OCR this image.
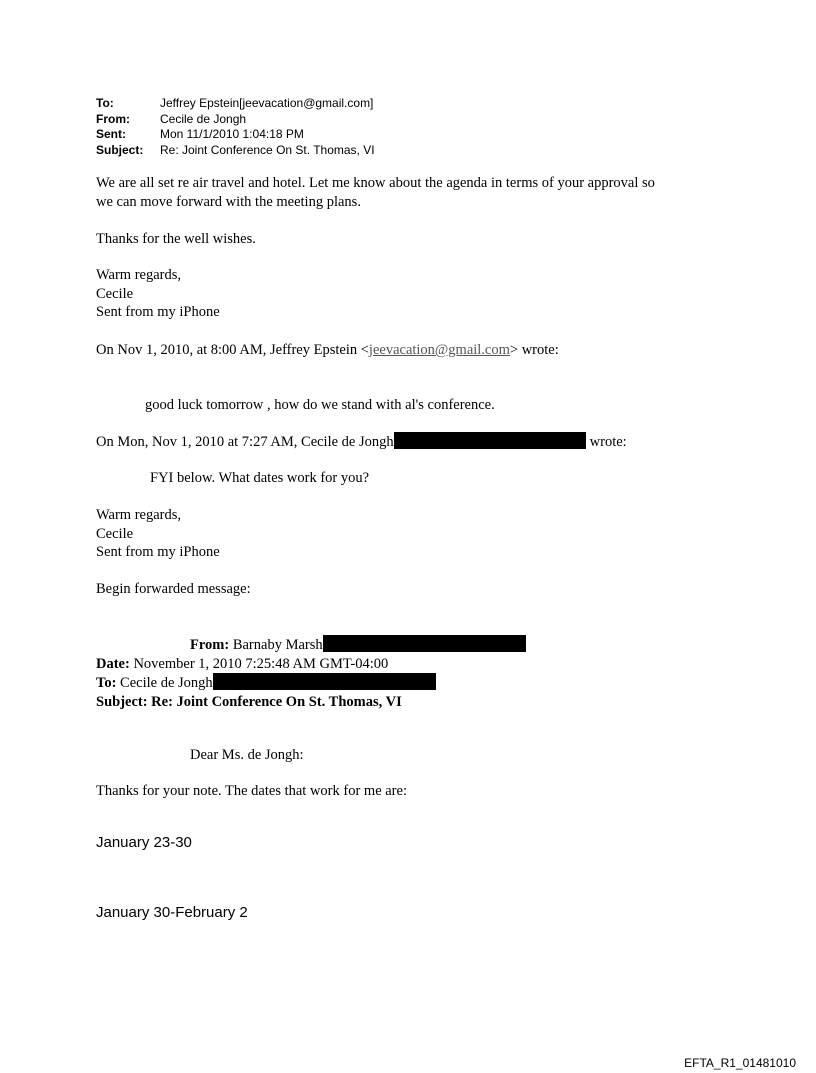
To:	Jeffrey Epstein[jeevacation@gmail.com]
From:	Cecile de Jongh
Sent:	Mon 11/1/2010 1:04:18 PM
Subject:	Re: Joint Conference On St. Thomas, VI
We are all set re air travel and hotel. Let me know about the agenda in terms of your approval so
we can move forward with the meeting plans.
Thanks for the well wishes.
Warm regards,
Cecile
Sent from my iPhone
On Nov 1, 2010, at 8:00 AM, Jeffrey Epstein <jeevacation@gmail.com> wrote:
good luck tomorrow , how do we stand with al's conference.
On Mon, Nov 1, 2010 at 7:27 AM, Cecile de Jongh	wrote:
FYI below. What dates work for you?
Warm regards,
Cecile
Sent from my iPhone
Begin forwarded message:
From: Barnaby Marsh
Date: November 1, 2010 7:25:48 AM GMT-04:00
To: Cecile de Jongh
Subject: Re: Joint Conference On St. Thomas, VI
Dear Ms. de Jongh:
Thanks for your note. The dates that work for me are:
January 23-30
January 30-February 2
EFTA_R1_01481010
